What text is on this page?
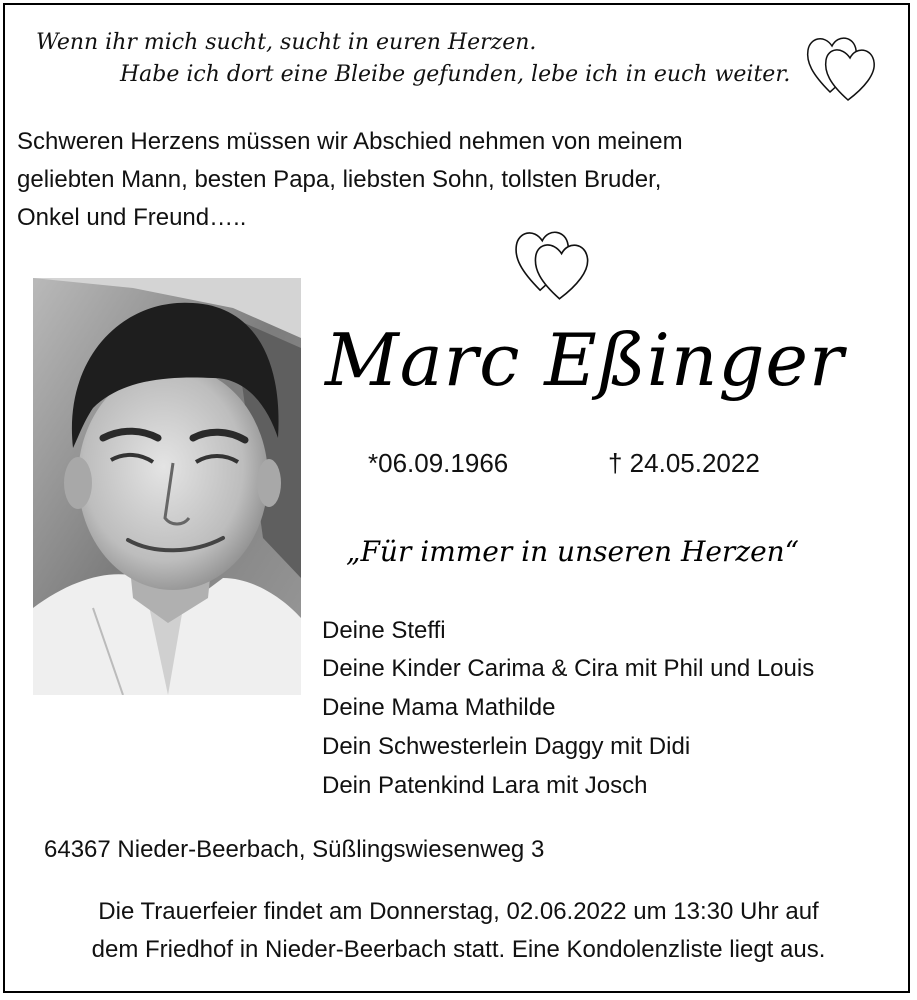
Wenn ihr mich sucht, sucht in euren Herzen.
Habe ich dort eine Bleibe gefunden, lebe ich in euch weiter.
Schweren Herzens müssen wir Abschied nehmen von meinem
geliebten Mann, besten Papa, liebsten Sohn, tollsten Bruder,
Onkel und Freund…..
Marc Eßinger
*06.09.1966	† 24.05.2022
„Für immer in unseren Herzen“
Deine Steffi
Deine Kinder Carima & Cira mit Phil und Louis
Deine Mama Mathilde
Dein Schwesterlein Daggy mit Didi
Dein Patenkind Lara mit Josch
64367 Nieder-Beerbach, Süßlingswiesenweg 3
Die Trauerfeier findet am Donnerstag, 02.06.2022 um 13:30 Uhr auf
dem Friedhof in Nieder-Beerbach statt. Eine Kondolenzliste liegt aus.
